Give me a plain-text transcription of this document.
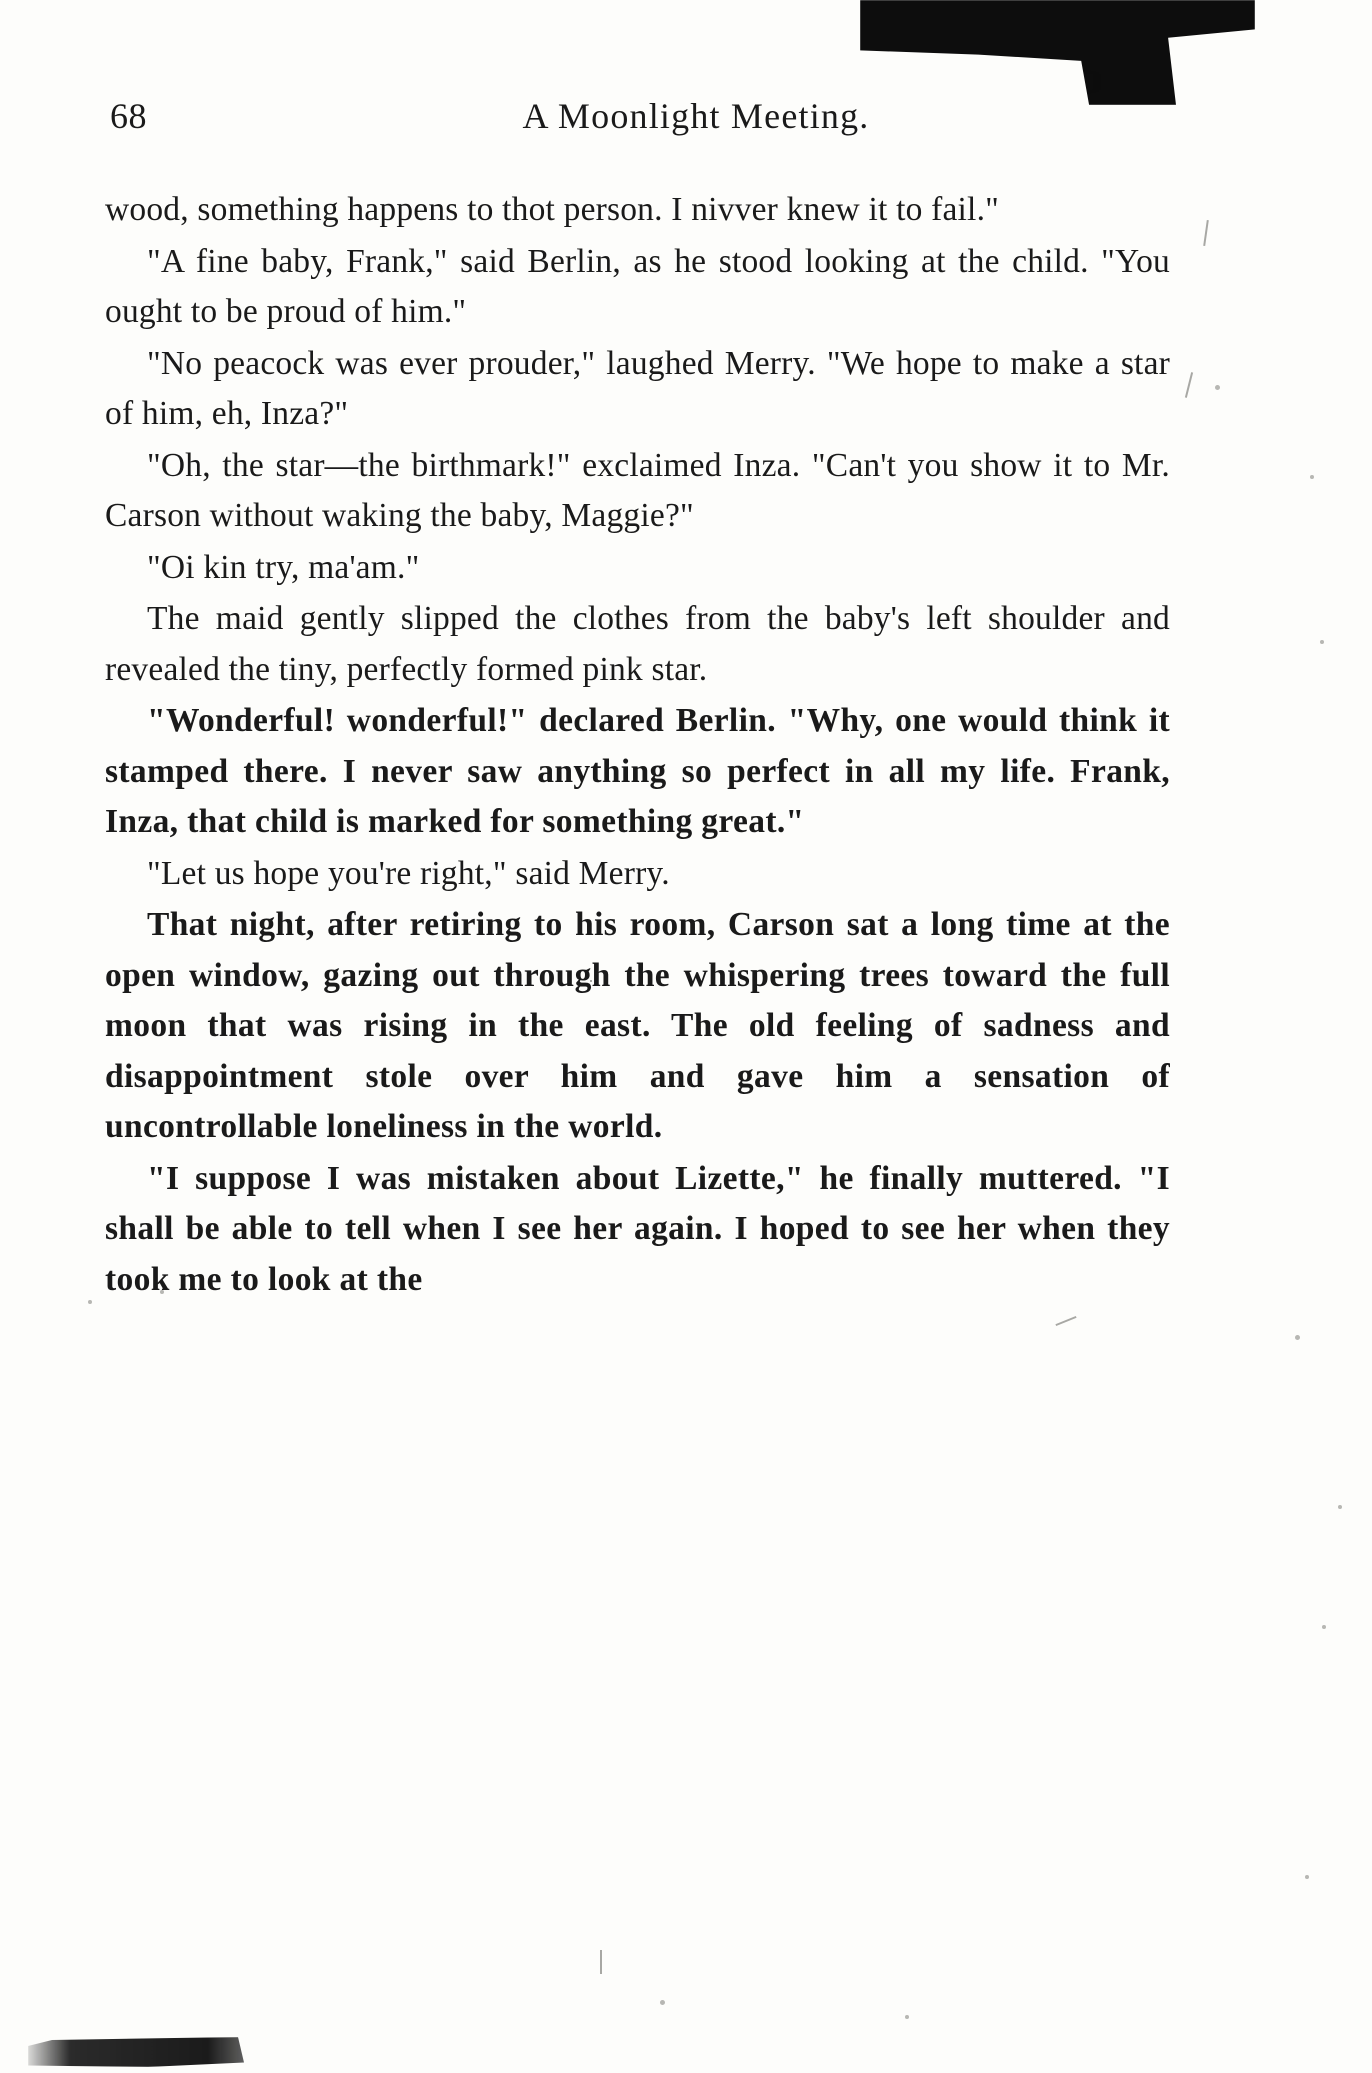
68	A Moonlight Meeting.

wood, something happens to thot person. I nivver knew it to fail."

"A fine baby, Frank," said Berlin, as he stood looking at the child. "You ought to be proud of him."

"No peacock was ever prouder," laughed Merry. "We hope to make a star of him, eh, Inza?"

"Oh, the star—the birthmark!" exclaimed Inza. "Can't you show it to Mr. Carson without waking the baby, Maggie?"

"Oi kin try, ma'am."

The maid gently slipped the clothes from the baby's left shoulder and revealed the tiny, perfectly formed pink star.

"Wonderful! wonderful!" declared Berlin. "Why, one would think it stamped there. I never saw anything so perfect in all my life. Frank, Inza, that child is marked for something great."

"Let us hope you're right," said Merry.

That night, after retiring to his room, Carson sat a long time at the open window, gazing out through the whispering trees toward the full moon that was rising in the east. The old feeling of sadness and disappointment stole over him and gave him a sensation of uncontrollable loneliness in the world.

"I suppose I was mistaken about Lizette," he finally muttered. "I shall be able to tell when I see her again. I hoped to see her when they took me to look at the
